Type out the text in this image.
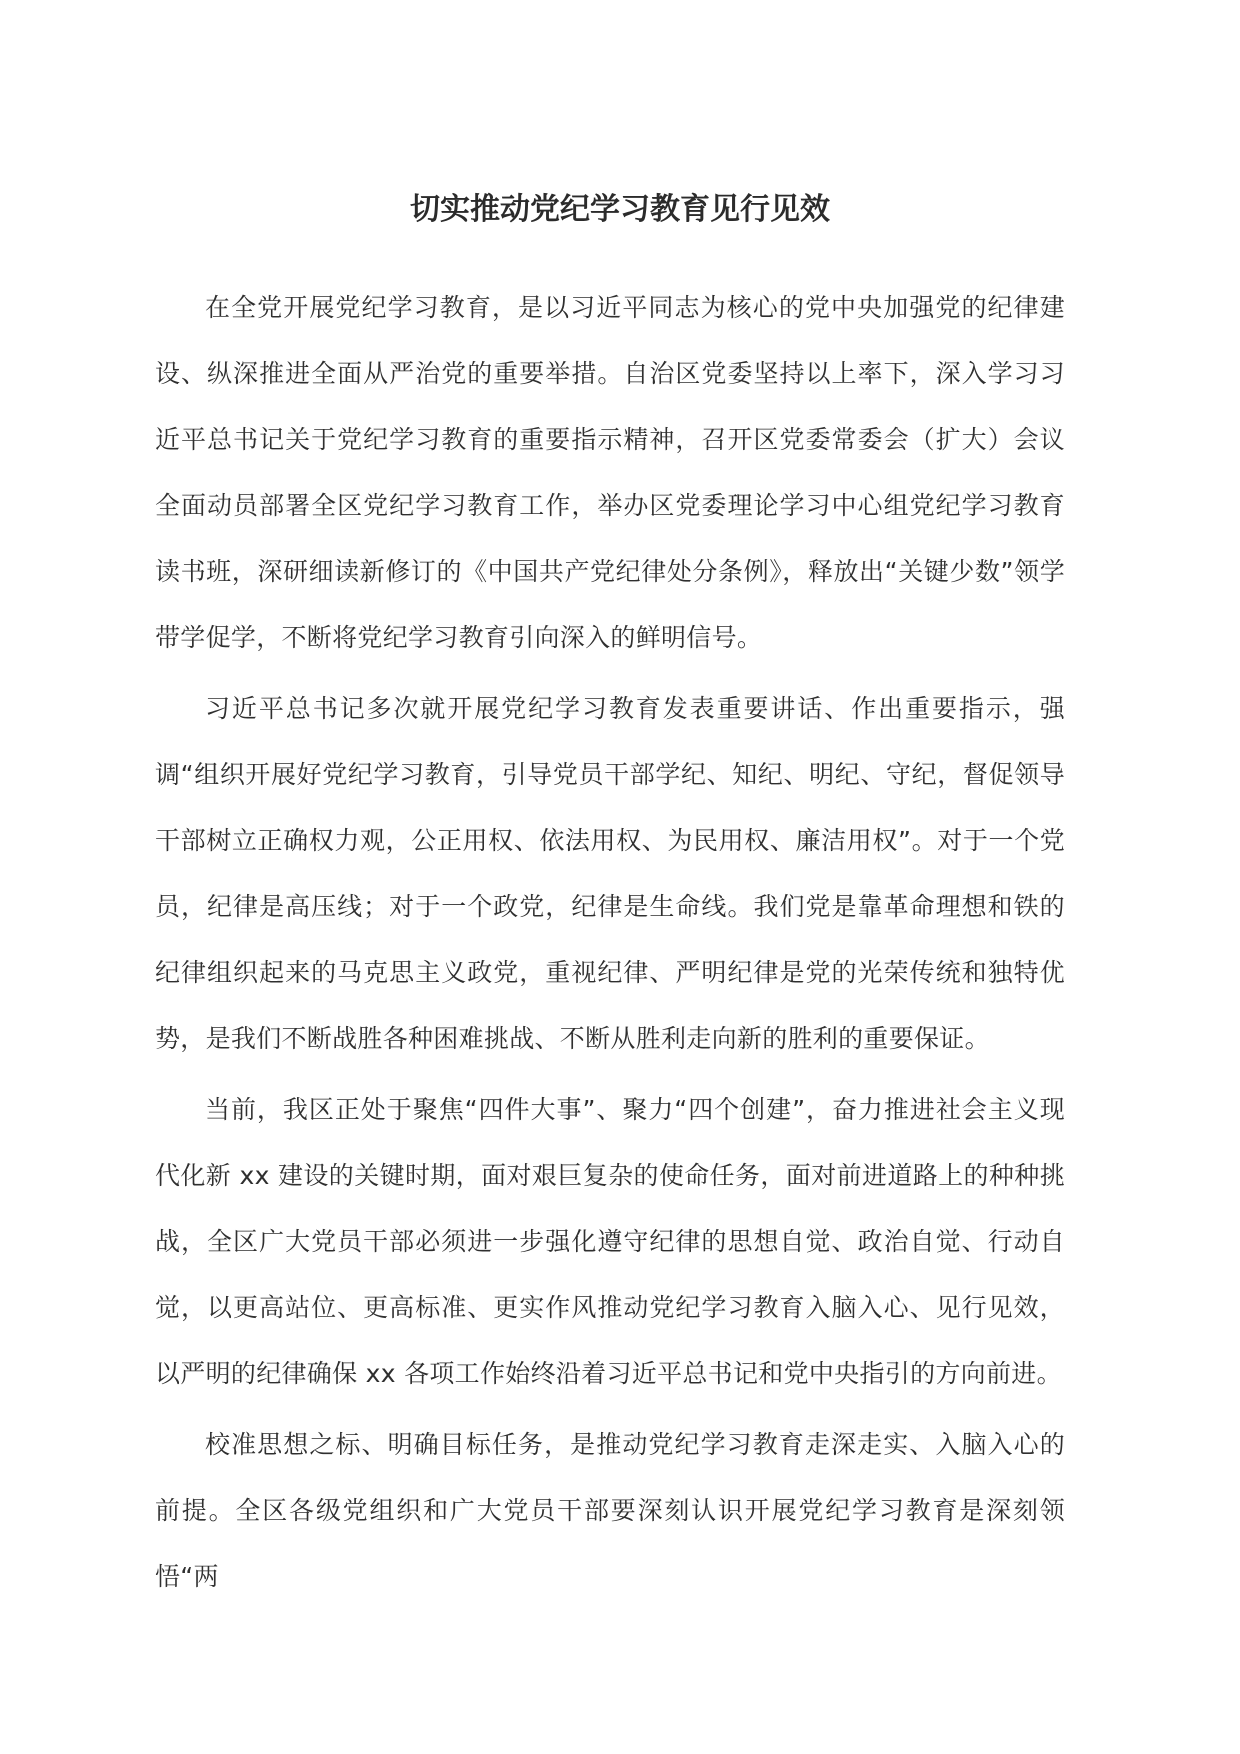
切实推动党纪学习教育见行见效

在全党开展党纪学习教育，是以习近平同志为核心的党中央加强党的纪律建设、纵深推进全面从严治党的重要举措。自治区党委坚持以上率下，深入学习习近平总书记关于党纪学习教育的重要指示精神，召开区党委常委会（扩大）会议全面动员部署全区党纪学习教育工作，举办区党委理论学习中心组党纪学习教育读书班，深研细读新修订的《中国共产党纪律处分条例》，释放出“关键少数”领学带学促学，不断将党纪学习教育引向深入的鲜明信号。

习近平总书记多次就开展党纪学习教育发表重要讲话、作出重要指示，强调“组织开展好党纪学习教育，引导党员干部学纪、知纪、明纪、守纪，督促领导干部树立正确权力观，公正用权、依法用权、为民用权、廉洁用权”。对于一个党员，纪律是高压线；对于一个政党，纪律是生命线。我们党是靠革命理想和铁的纪律组织起来的马克思主义政党，重视纪律、严明纪律是党的光荣传统和独特优势，是我们不断战胜各种困难挑战、不断从胜利走向新的胜利的重要保证。

当前，我区正处于聚焦“四件大事”、聚力“四个创建”，奋力推进社会主义现代化新 xx 建设的关键时期，面对艰巨复杂的使命任务，面对前进道路上的种种挑战，全区广大党员干部必须进一步强化遵守纪律的思想自觉、政治自觉、行动自觉，以更高站位、更高标准、更实作风推动党纪学习教育入脑入心、见行见效，以严明的纪律确保 xx 各项工作始终沿着习近平总书记和党中央指引的方向前进。

校准思想之标、明确目标任务，是推动党纪学习教育走深走实、入脑入心的前提。全区各级党组织和广大党员干部要深刻认识开展党纪学习教育是深刻领悟“两
